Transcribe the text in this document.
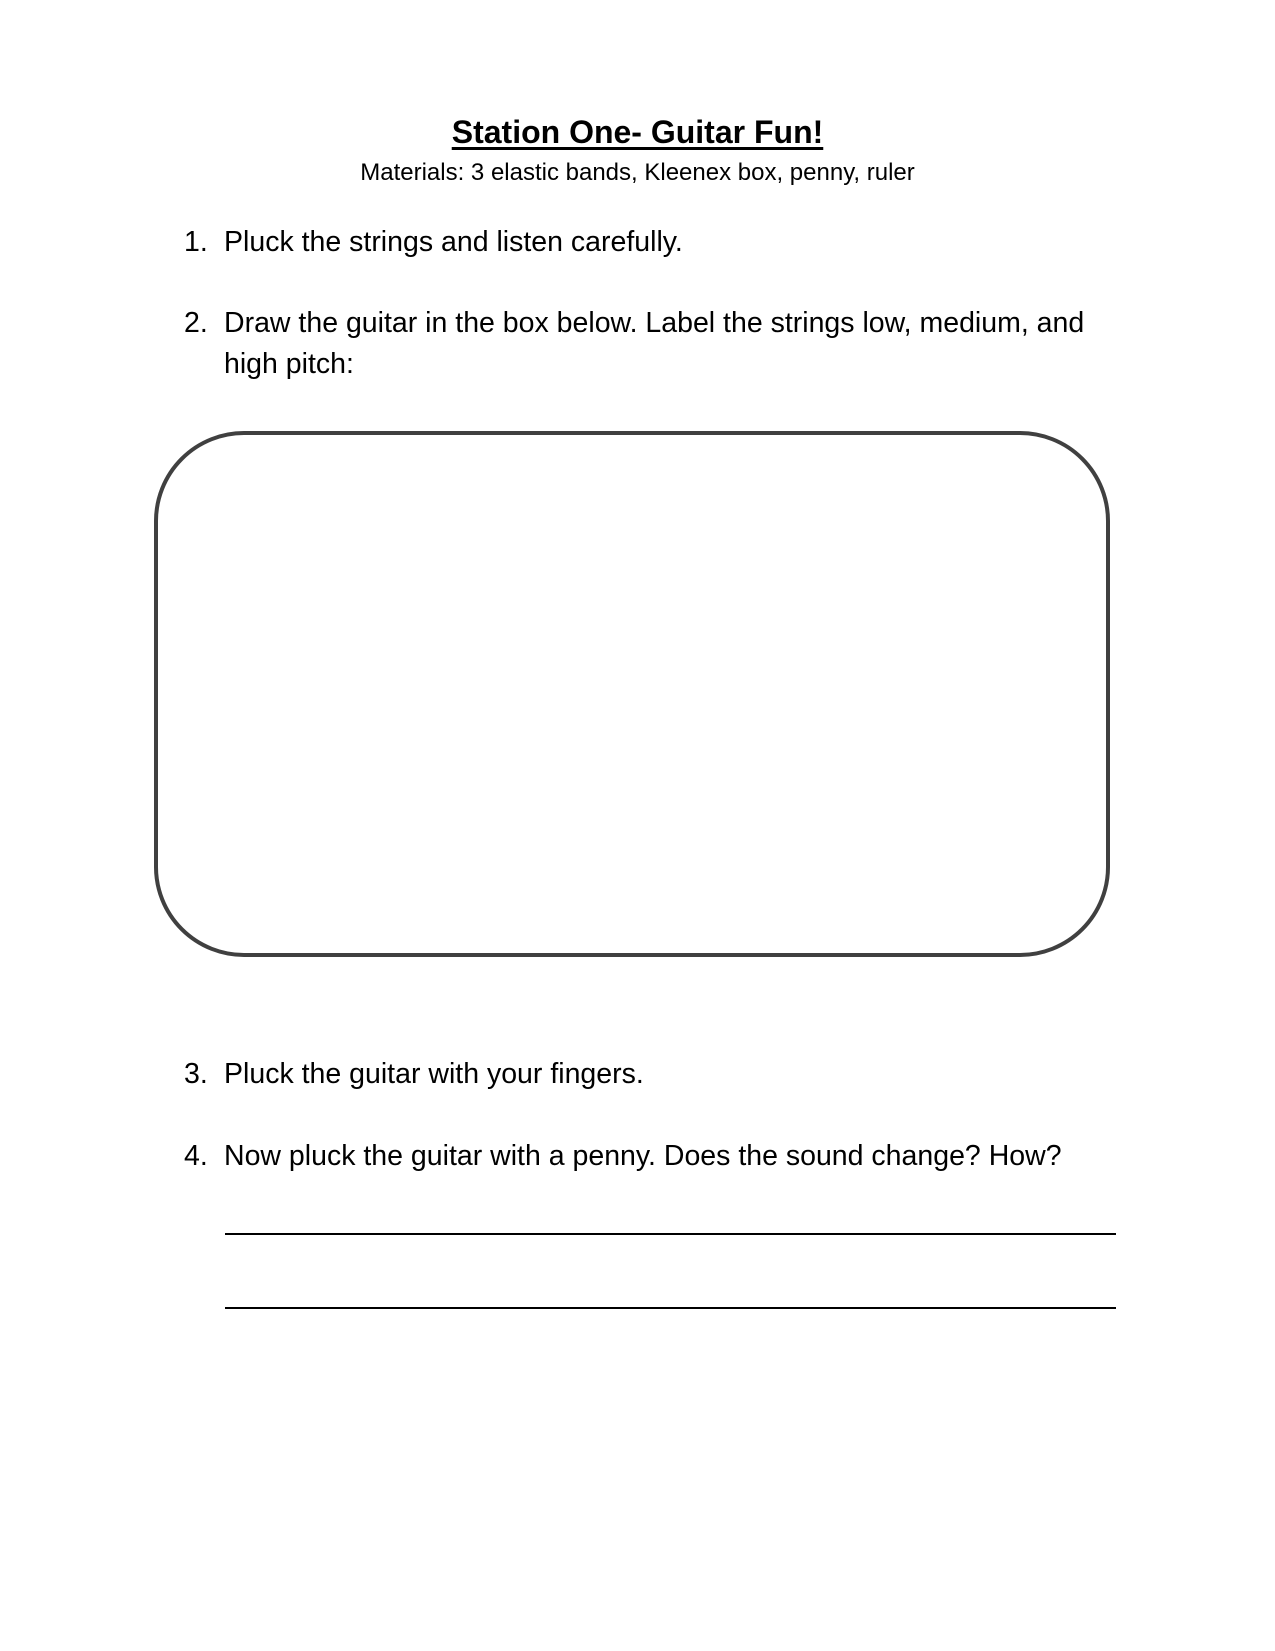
Station One- Guitar Fun!
Materials: 3 elastic bands, Kleenex box, penny, ruler
1. Pluck the strings and listen carefully.
2. Draw the guitar in the box below. Label the strings low, medium, and high pitch:
3. Pluck the guitar with your fingers.
4. Now pluck the guitar with a penny. Does the sound change? How?
